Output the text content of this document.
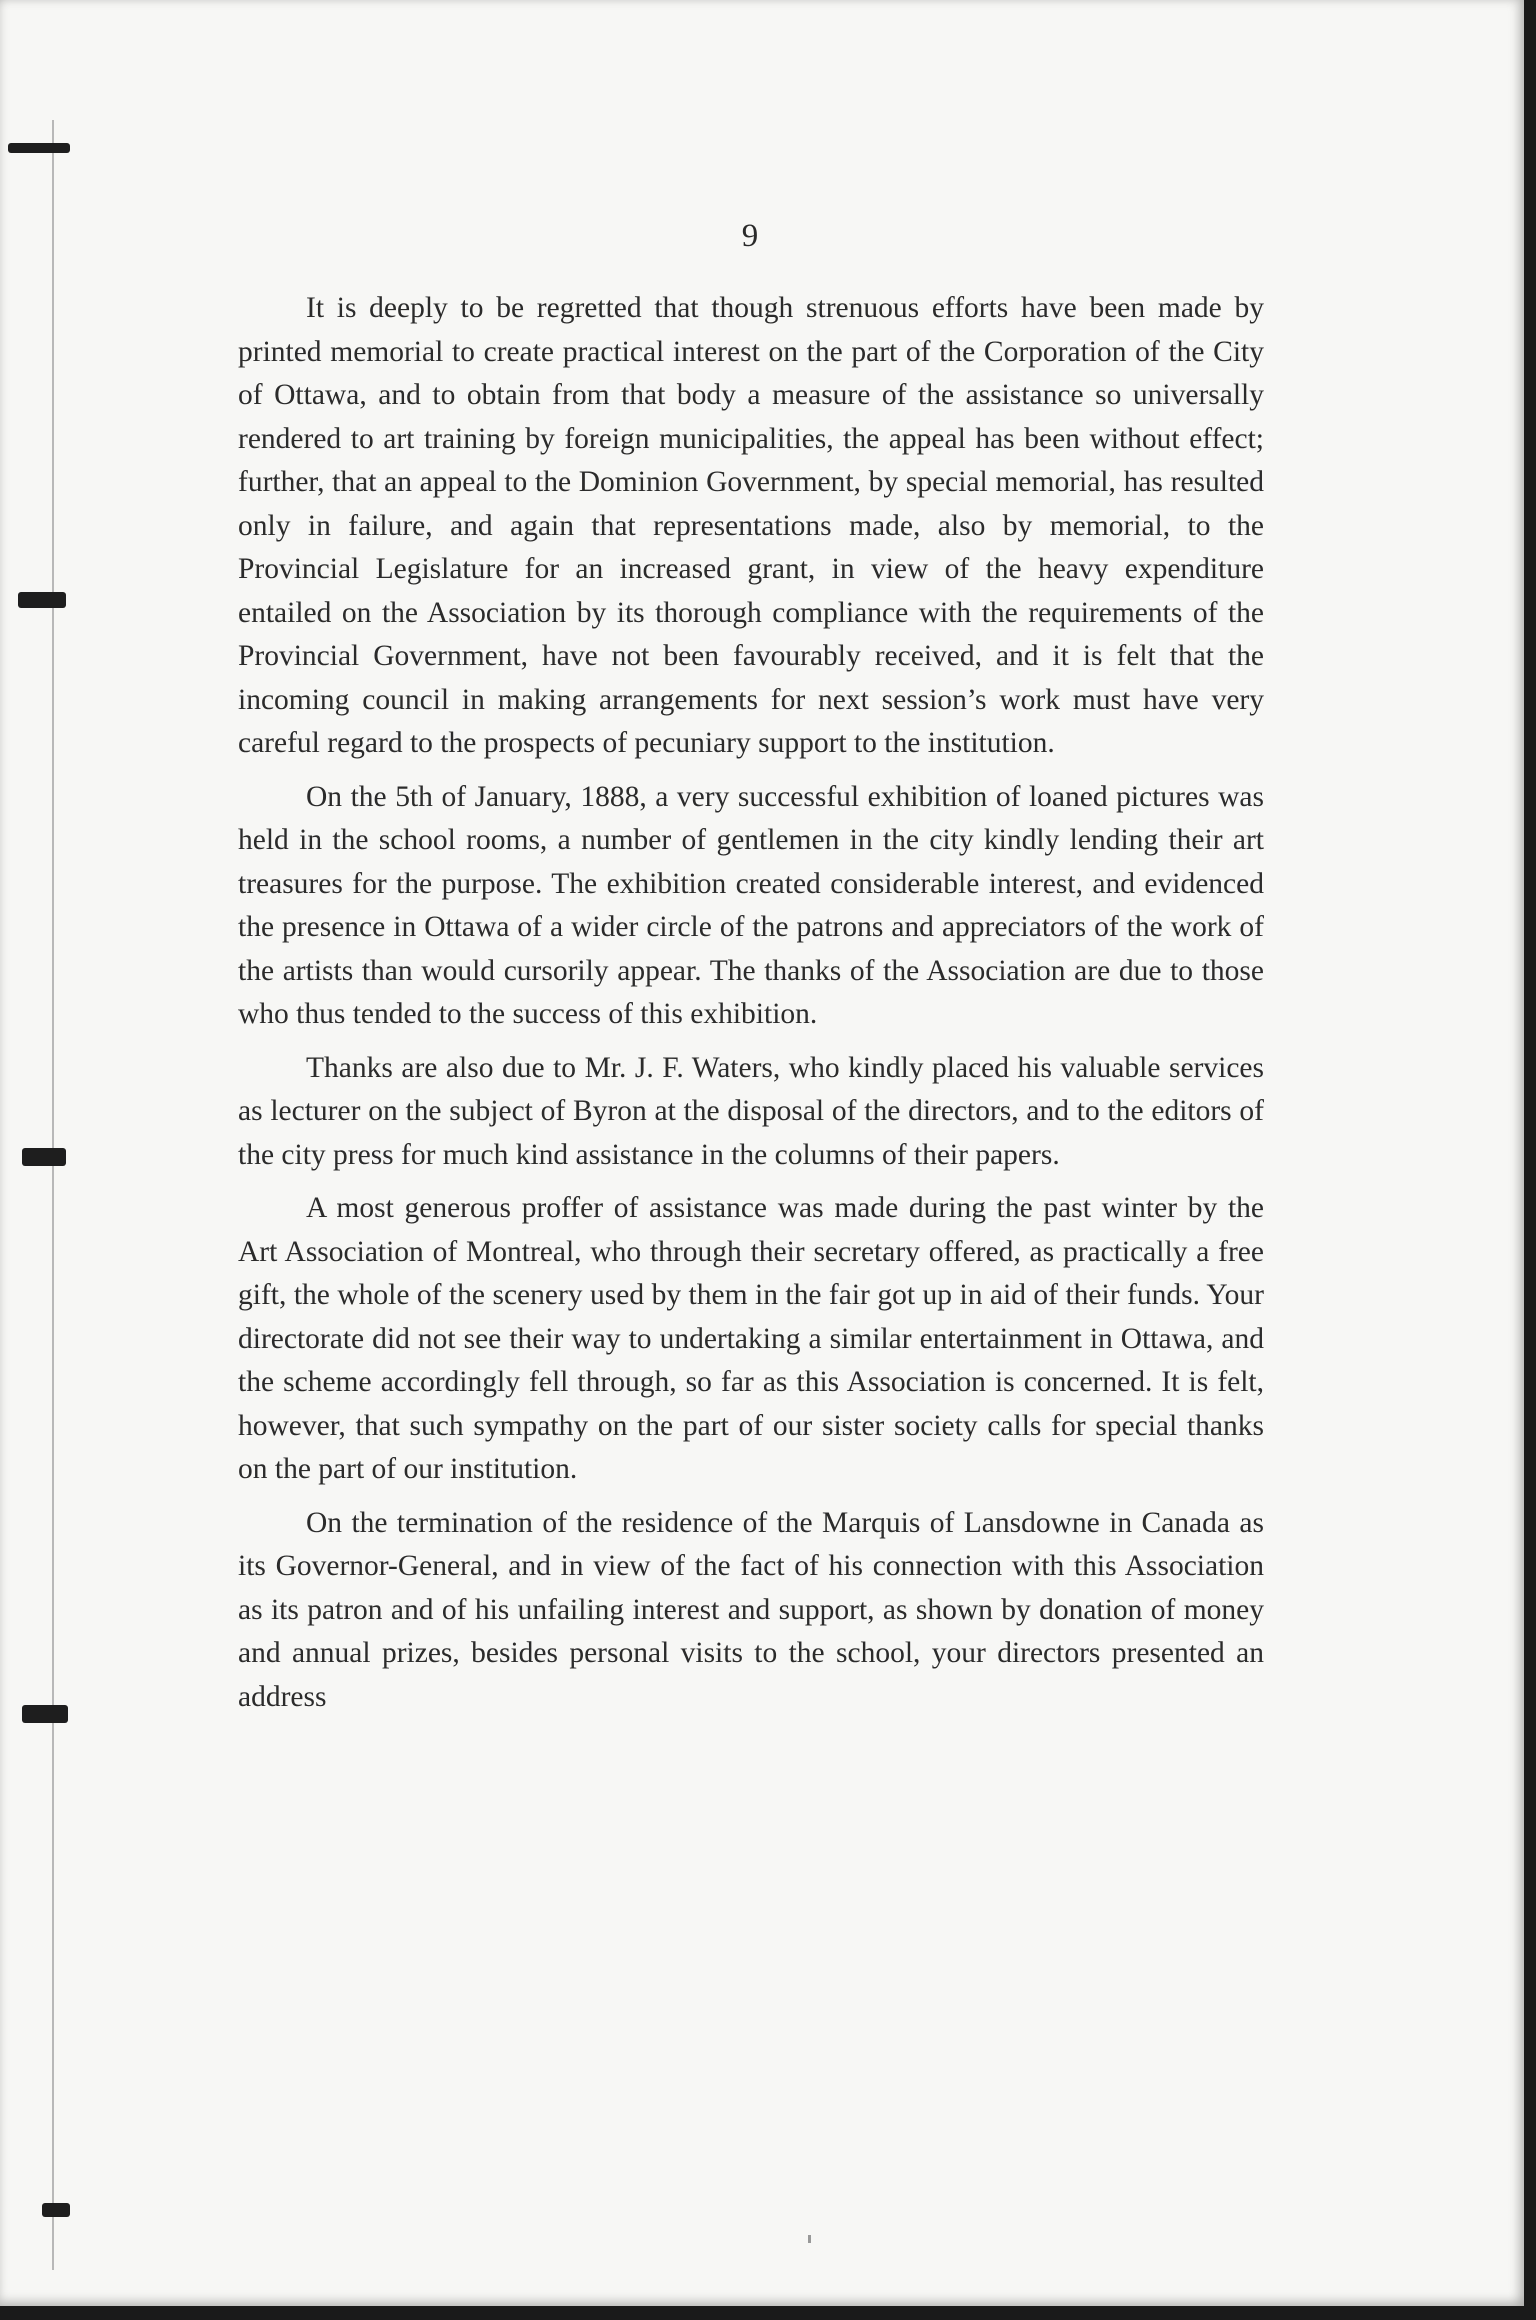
9

It is deeply to be regretted that though strenuous efforts have been made by printed memorial to create practical interest on the part of the Corporation of the City of Ottawa, and to obtain from that body a measure of the assistance so universally rendered to art training by foreign municipalities, the appeal has been without effect; further, that an appeal to the Dominion Government, by special memorial, has resulted only in failure, and again that representations made, also by memorial, to the Provincial Legislature for an increased grant, in view of the heavy expenditure entailed on the Association by its thorough compliance with the requirements of the Provincial Government, have not been favourably received, and it is felt that the incoming council in making arrangements for next session’s work must have very careful regard to the prospects of pecuniary support to the institution.

On the 5th of January, 1888, a very successful exhibition of loaned pictures was held in the school rooms, a number of gentlemen in the city kindly lending their art treasures for the purpose. The exhibition created considerable interest, and evidenced the presence in Ottawa of a wider circle of the patrons and appreciators of the work of the artists than would cursorily appear. The thanks of the Association are due to those who thus tended to the success of this exhibition.

Thanks are also due to Mr. J. F. Waters, who kindly placed his valuable services as lecturer on the subject of Byron at the disposal of the directors, and to the editors of the city press for much kind assistance in the columns of their papers.

A most generous proffer of assistance was made during the past winter by the Art Association of Montreal, who through their secretary offered, as practically a free gift, the whole of the scenery used by them in the fair got up in aid of their funds. Your directorate did not see their way to undertaking a similar entertainment in Ottawa, and the scheme accordingly fell through, so far as this Association is concerned. It is felt, however, that such sympathy on the part of our sister society calls for special thanks on the part of our institution.

On the termination of the residence of the Marquis of Lansdowne in Canada as its Governor-General, and in view of the fact of his connection with this Association as its patron and of his unfailing interest and support, as shown by donation of money and annual prizes, besides personal visits to the school, your directors presented an address
